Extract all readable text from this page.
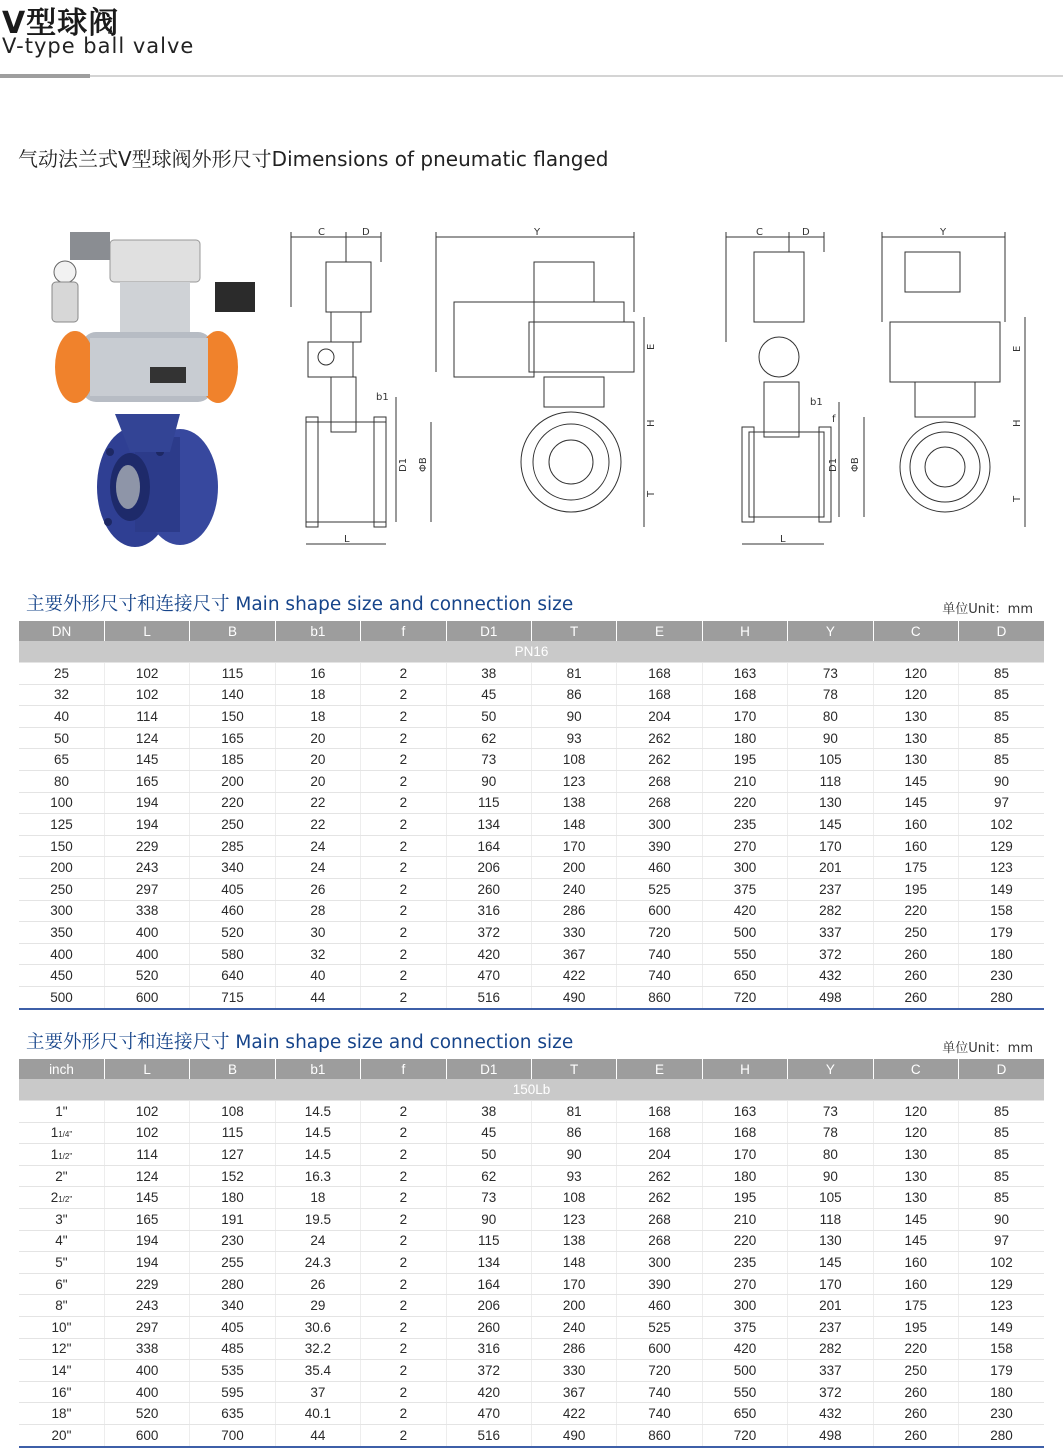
V型球阀
V-type ball valve
气动法兰式V型球阀外形尺寸Dimensions of pneumatic flanged
C	D
D1 ΦB
b1
L
Y
E
H
T
C	D
D1 ΦB
b1
f
L
Y
E
H
T
主要外形尺寸和连接尺寸 Main shape size and connection size	单位Unit：mm
DN	L	B	b1	f	D1	T	E	H	Y	C	D
PN16											
25	102	115	16	2	38	81	168	163	73	120	85
32	102	140	18	2	45	86	168	168	78	120	85
40	114	150	18	2	50	90	204	170	80	130	85
50	124	165	20	2	62	93	262	180	90	130	85
65	145	185	20	2	73	108	262	195	105	130	85
80	165	200	20	2	90	123	268	210	118	145	90
100	194	220	22	2	115	138	268	220	130	145	97
125	194	250	22	2	134	148	300	235	145	160	102
150	229	285	24	2	164	170	390	270	170	160	129
200	243	340	24	2	206	200	460	300	201	175	123
250	297	405	26	2	260	240	525	375	237	195	149
300	338	460	28	2	316	286	600	420	282	220	158
350	400	520	30	2	372	330	720	500	337	250	179
400	400	580	32	2	420	367	740	550	372	260	180
450	520	640	40	2	470	422	740	650	432	260	230
500	600	715	44	2	516	490	860	720	498	260	280
主要外形尺寸和连接尺寸 Main shape size and connection size	单位Unit：mm
inch	L	B	b1	f	D1	T	E	H	Y	C	D
150Lb											
1"	102	108	14.5	2	38	81	168	163	73	120	85
11/4"	102	115	14.5	2	45	86	168	168	78	120	85
11/2"	114	127	14.5	2	50	90	204	170	80	130	85
2"	124	152	16.3	2	62	93	262	180	90	130	85
21/2"	145	180	18	2	73	108	262	195	105	130	85
3"	165	191	19.5	2	90	123	268	210	118	145	90
4"	194	230	24	2	115	138	268	220	130	145	97
5"	194	255	24.3	2	134	148	300	235	145	160	102
6"	229	280	26	2	164	170	390	270	170	160	129
8"	243	340	29	2	206	200	460	300	201	175	123
10"	297	405	30.6	2	260	240	525	375	237	195	149
12"	338	485	32.2	2	316	286	600	420	282	220	158
14"	400	535	35.4	2	372	330	720	500	337	250	179
16"	400	595	37	2	420	367	740	550	372	260	180
18"	520	635	40.1	2	470	422	740	650	432	260	230
20"	600	700	44	2	516	490	860	720	498	260	280
